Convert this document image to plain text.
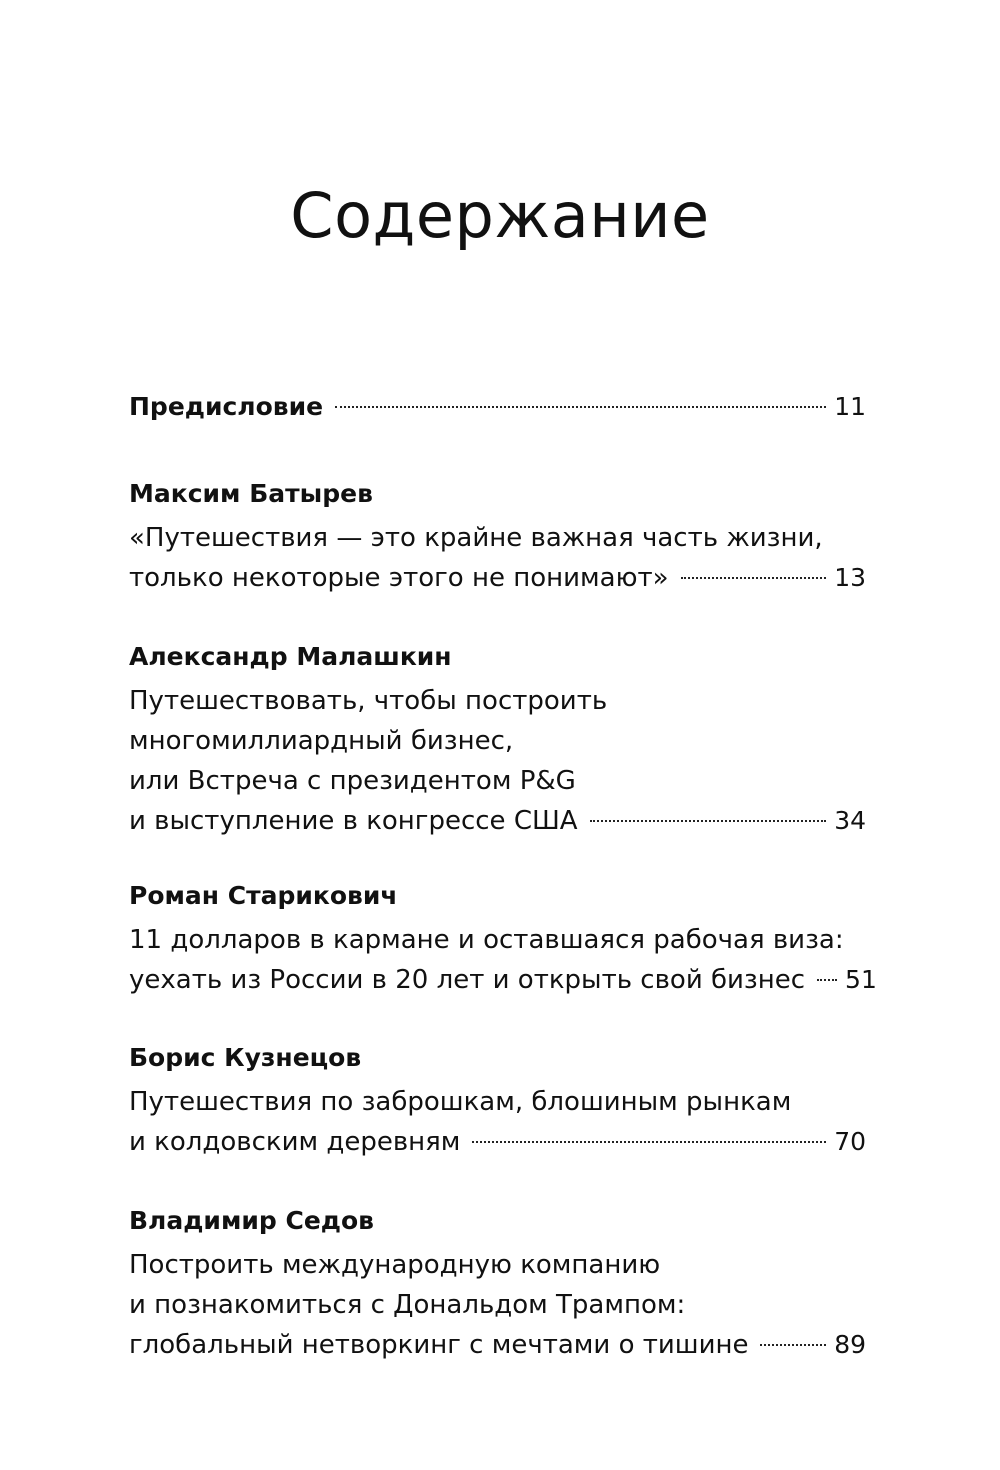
Содержание
Предисловие	11
Максим Батырев
«Путешествия — это крайне важная часть жизни,
только некоторые этого не понимают»	13
Александр Малашкин
Путешествовать, чтобы построить
многомиллиардный бизнес,
или Встреча с президентом P&G
и выступление в конгрессе США	34
Роман Старикович
11 долларов в кармане и оставшаяся рабочая виза:
уехать из России в 20 лет и открыть свой бизнес 51
Борис Кузнецов
Путешествия по заброшкам, блошиным рынкам
и колдовским деревням	70
Владимир Седов
Построить международную компанию
и познакомиться с Дональдом Трампом:
глобальный нетворкинг с мечтами о тишине	89
